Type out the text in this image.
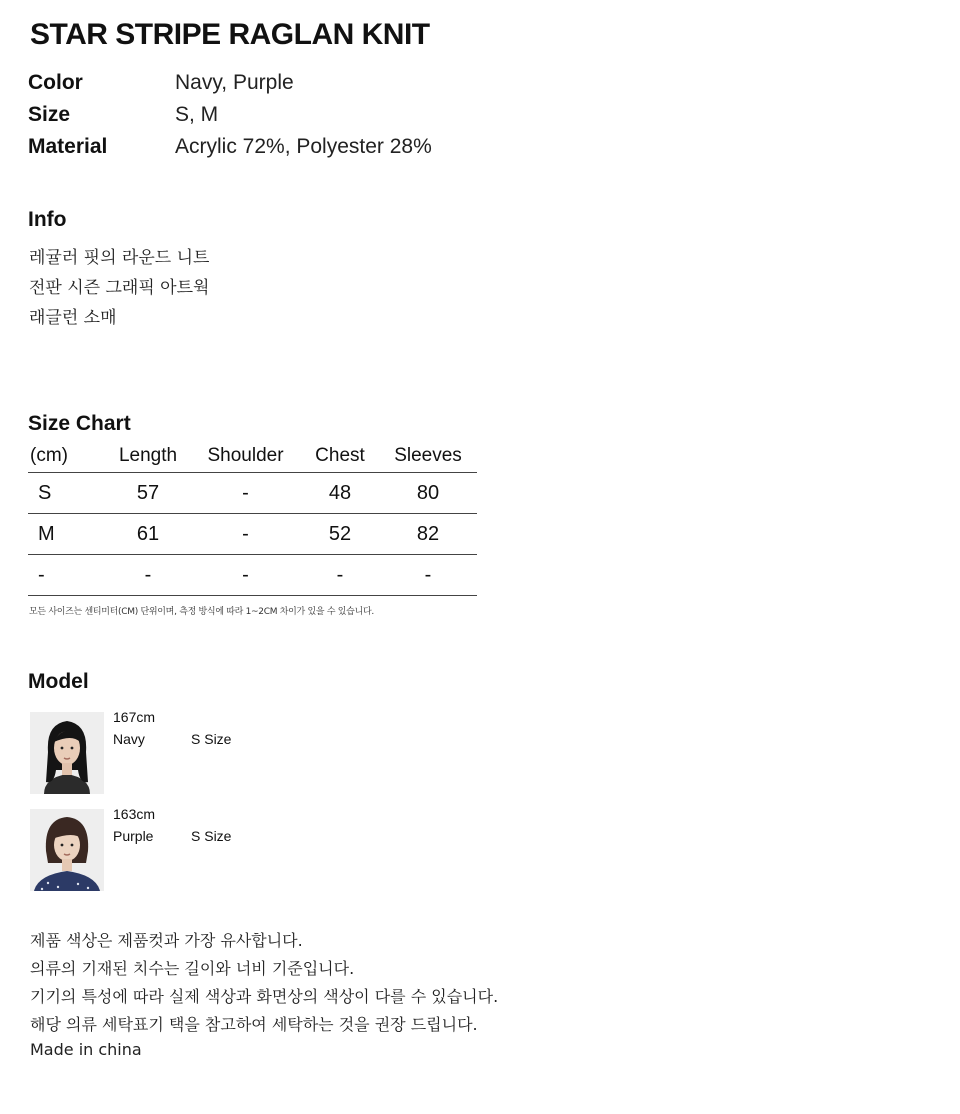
STAR STRIPE RAGLAN KNIT
Color	Navy, Purple
Size	S, M
Material	Acrylic 72%, Polyester 28%
Info
레귤러 핏의 라운드 니트
전판 시즌 그래픽 아트웍
래글런 소매
Size Chart
(cm)	Length	Shoulder	Chest	Sleeves
S	57	-	48	80
M	61	-	52	82
-	-	-	-	-
모든 사이즈는 센티미터(CM) 단위이며, 측정 방식에 따라 1~2CM 차이가 있을 수 있습니다.
Model
167cm
Navy	S Size
163cm
Purple	S Size
제품 색상은 제품컷과 가장 유사합니다.
의류의 기재된 치수는 길이와 너비 기준입니다.
기기의 특성에 따라 실제 색상과 화면상의 색상이 다를 수 있습니다.
해당 의류 세탁표기 택을 참고하여 세탁하는 것을 권장 드립니다.
Made in china
